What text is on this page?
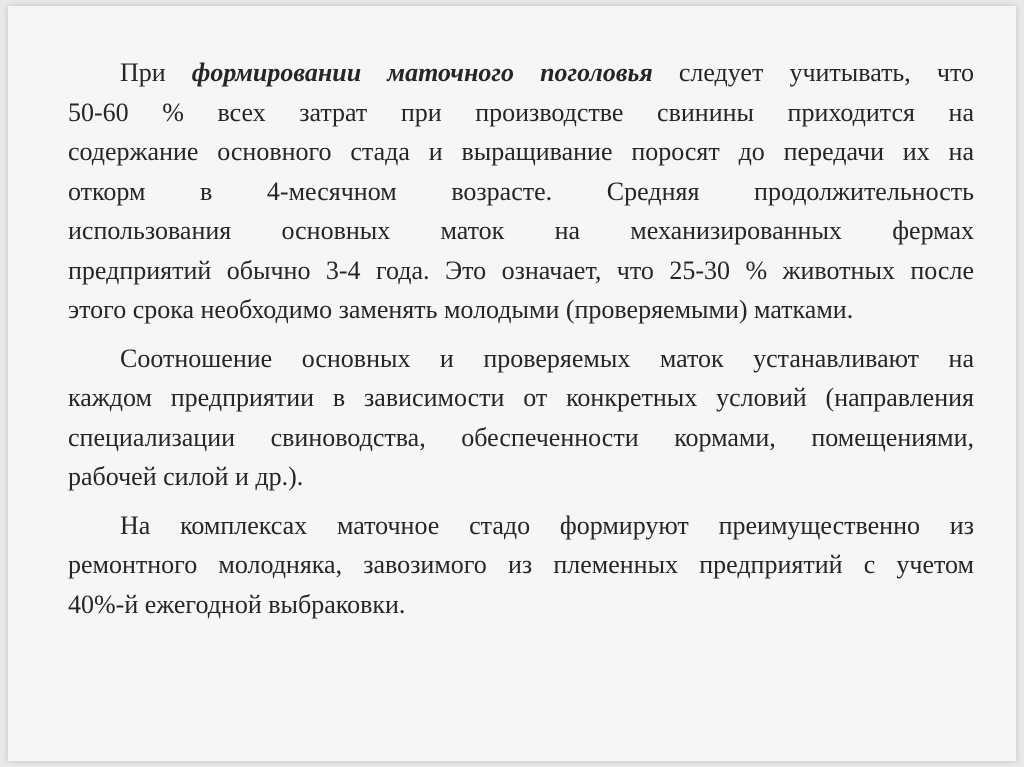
При формировании маточного поголовья следует учитывать, что
50-60 % всех затрат при производстве свинины приходится на
содержание основного стада и выращивание поросят до передачи их на
откорм в 4-месячном возрасте. Средняя продолжительность
использования основных маток на механизированных фермах
предприятий обычно 3-4 года. Это означает, что 25-30 % животных после
этого срока необходимо заменять молодыми (проверяемыми) матками.

Соотношение основных и проверяемых маток устанавливают на
каждом предприятии в зависимости от конкретных условий (направления
специализации свиноводства, обеспеченности кормами, помещениями,
рабочей силой и др.).

На комплексах маточное стадо формируют преимущественно из
ремонтного молодняка, завозимого из племенных предприятий с учетом
40%-й ежегодной выбраковки.
